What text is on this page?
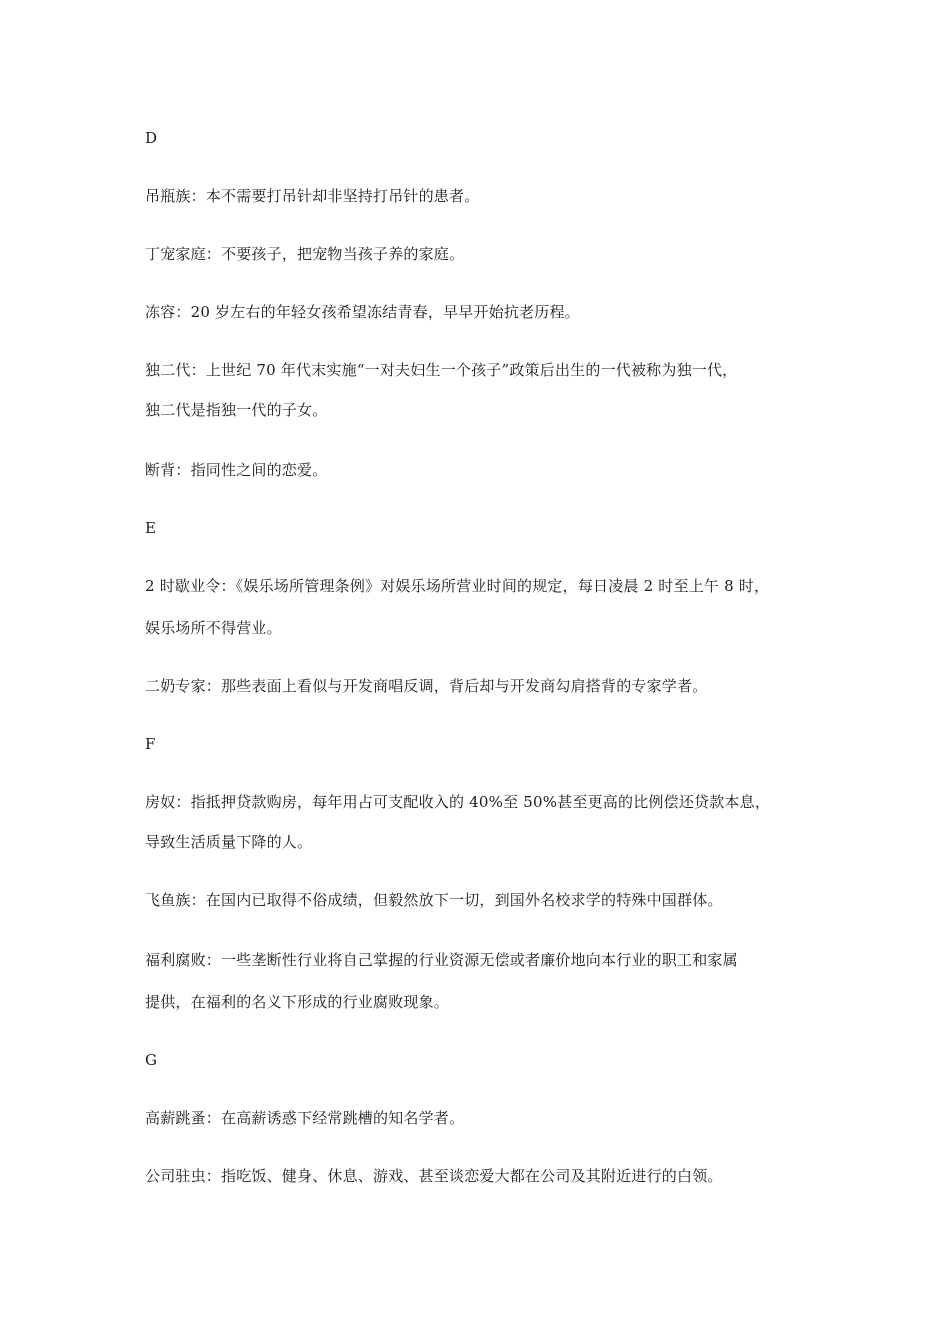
D

吊瓶族：本不需要打吊针却非坚持打吊针的患者。

丁宠家庭：不要孩子，把宠物当孩子养的家庭。

冻容：20 岁左右的年轻女孩希望冻结青春，早早开始抗老历程。

独二代：上世纪 70 年代末实施“一对夫妇生一个孩子”政策后出生的一代被称为独一代，

独二代是指独一代的子女。

断背：指同性之间的恋爱。

E

2 时歇业令：《娱乐场所管理条例》对娱乐场所营业时间的规定，每日凌晨 2 时至上午 8 时，

娱乐场所不得营业。

二奶专家：那些表面上看似与开发商唱反调，背后却与开发商勾肩搭背的专家学者。

F

房奴：指抵押贷款购房，每年用占可支配收入的 40%至 50%甚至更高的比例偿还贷款本息，

导致生活质量下降的人。

飞鱼族：在国内已取得不俗成绩，但毅然放下一切，到国外名校求学的特殊中国群体。

福利腐败：一些垄断性行业将自己掌握的行业资源无偿或者廉价地向本行业的职工和家属

提供，在福利的名义下形成的行业腐败现象。

G

高薪跳蚤：在高薪诱惑下经常跳槽的知名学者。

公司驻虫：指吃饭、健身、休息、游戏、甚至谈恋爱大都在公司及其附近进行的白领。
